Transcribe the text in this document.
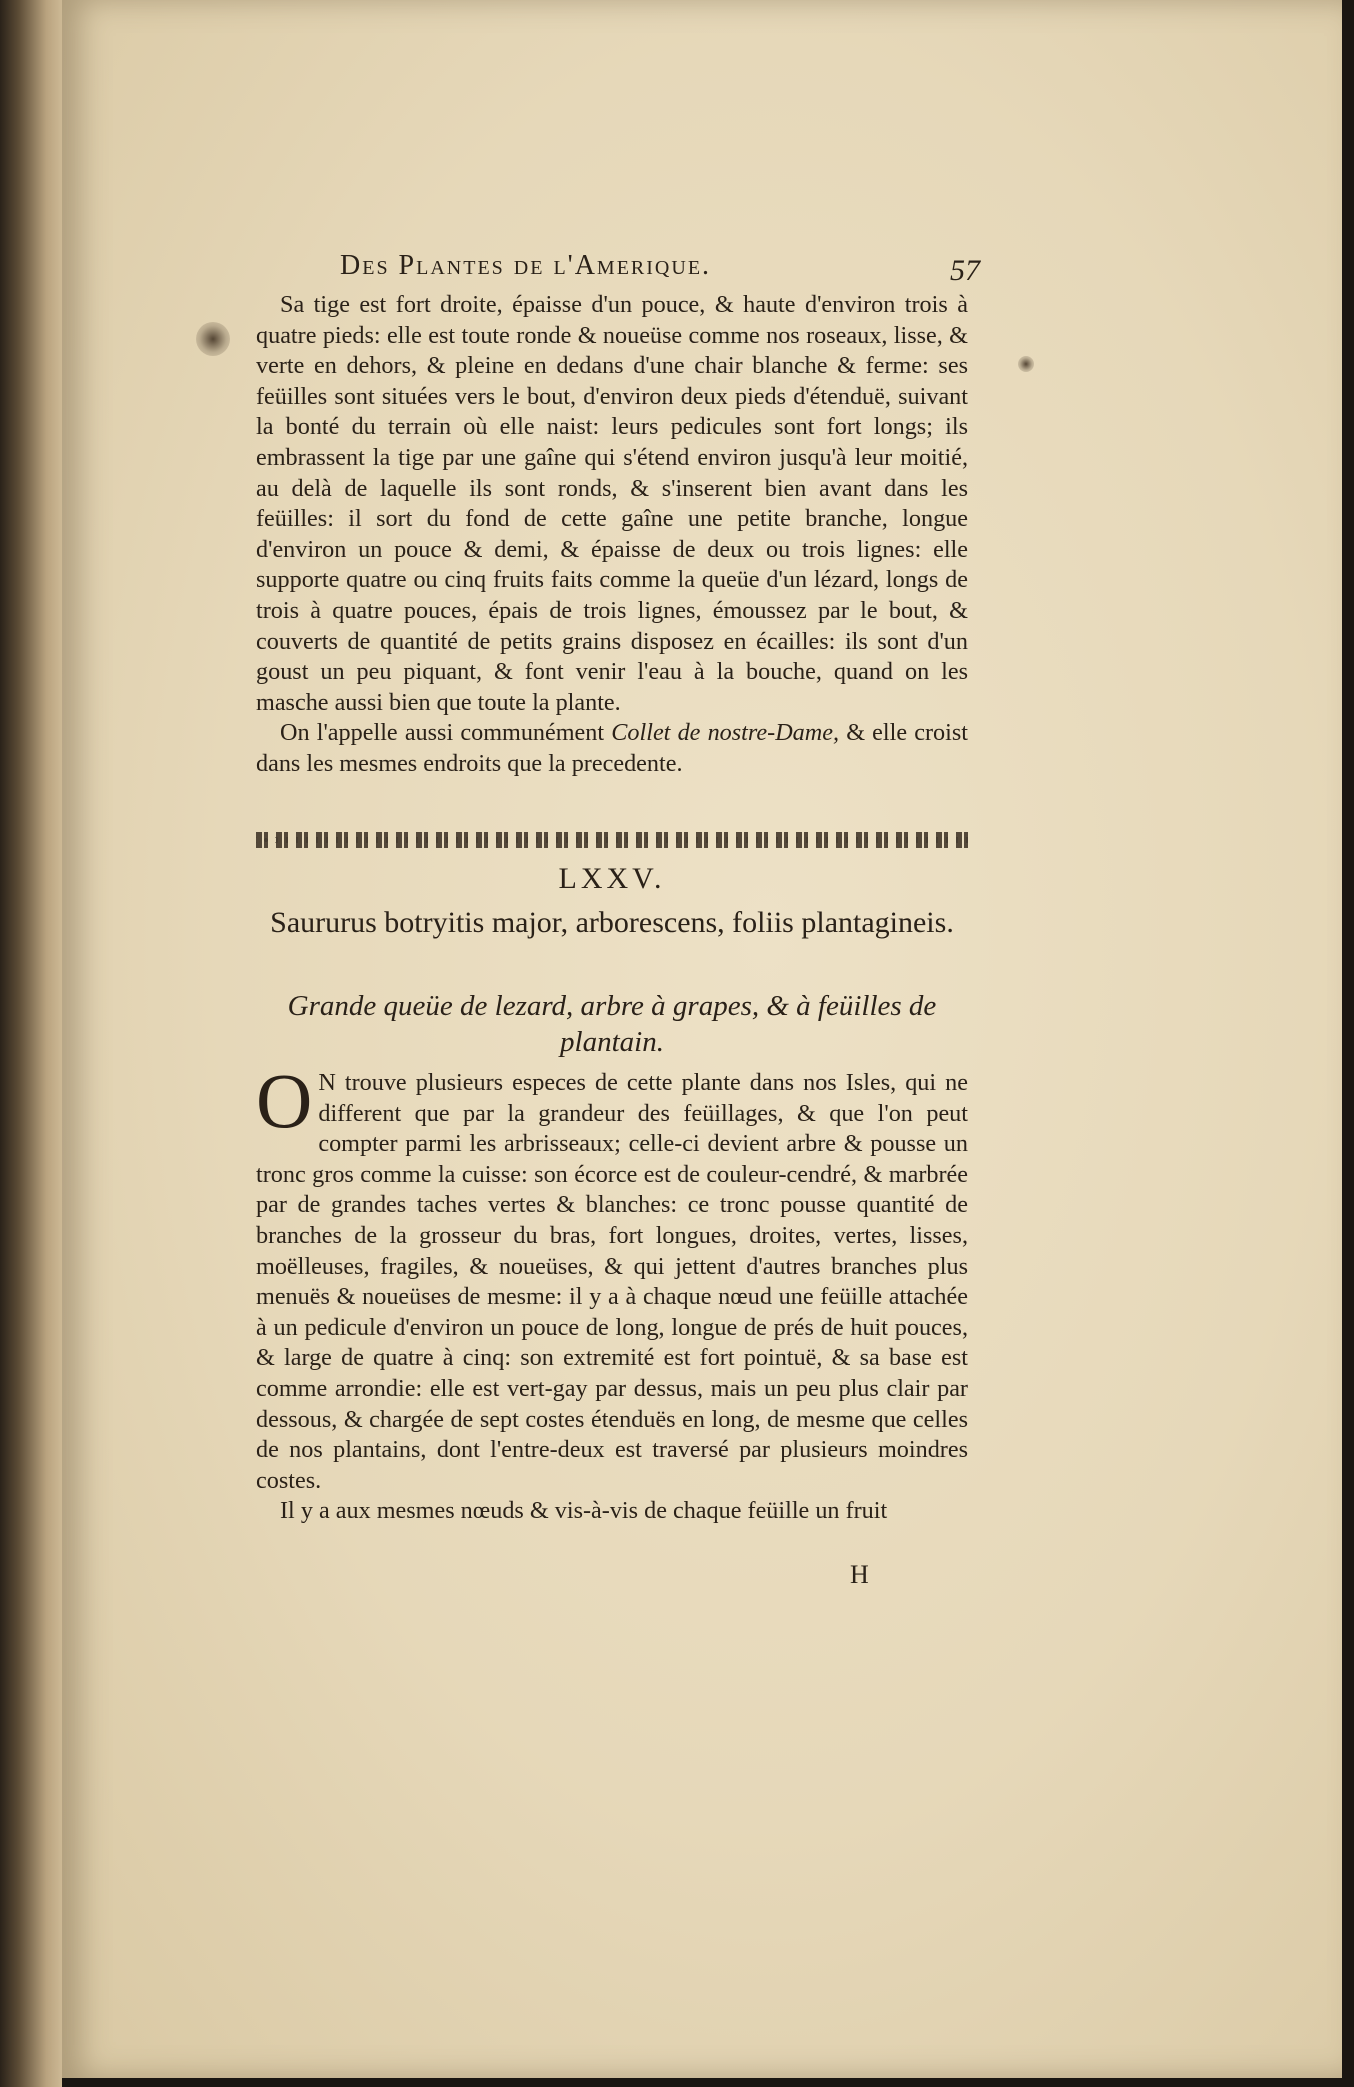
Des Plantes de l'Amerique.	57

Sa tige est fort droite, épaisse d'un pouce, & haute d'environ trois à quatre pieds: elle est toute ronde & noueüse comme nos roseaux, lisse, & verte en dehors, & pleine en dedans d'une chair blanche & ferme: ses feüilles sont situées vers le bout, d'environ deux pieds d'étenduë, suivant la bonté du terrain où elle naist: leurs pedicules sont fort longs; ils embrassent la tige par une gaîne qui s'étend environ jusqu'à leur moitié, au delà de laquelle ils sont ronds, & s'inserent bien avant dans les feüilles: il sort du fond de cette gaîne une petite branche, longue d'environ un pouce & demi, & épaisse de deux ou trois lignes: elle supporte quatre ou cinq fruits faits comme la queüe d'un lézard, longs de trois à quatre pouces, épais de trois lignes, émoussez par le bout, & couverts de quantité de petits grains disposez en écailles: ils sont d'un goust un peu piquant, & font venir l'eau à la bouche, quand on les masche aussi bien que toute la plante.

On l'appelle aussi communément Collet de nostre-Dame, & elle croist dans les mesmes endroits que la precedente.

LXXV.
Saururus botryitis major, arborescens, foliis plantagineis.
Grande queüe de lezard, arbre à grapes, & à feüilles de plantain.

O N trouve plusieurs especes de cette plante dans nos Isles, qui ne different que par la grandeur des feüillages, & que l'on peut compter parmi les arbrisseaux; celle-ci devient arbre & pousse un tronc gros comme la cuisse: son écorce est de couleur-cendré, & marbrée par de grandes taches vertes & blanches: ce tronc pousse quantité de branches de la grosseur du bras, fort longues, droites, vertes, lisses, moëlleuses, fragiles, & noueüses, & qui jettent d'autres branches plus menuës & noueüses de mesme: il y a à chaque nœud une feüille attachée à un pedicule d'environ un pouce de long, longue de prés de huit pouces, & large de quatre à cinq: son extremité est fort pointuë, & sa base est comme arrondie: elle est vert-gay par dessus, mais un peu plus clair par dessous, & chargée de sept costes étenduës en long, de mesme que celles de nos plantains, dont l'entre-deux est traversé par plusieurs moindres costes.

Il y a aux mesmes nœuds & vis-à-vis de chaque feüille un fruit

H
